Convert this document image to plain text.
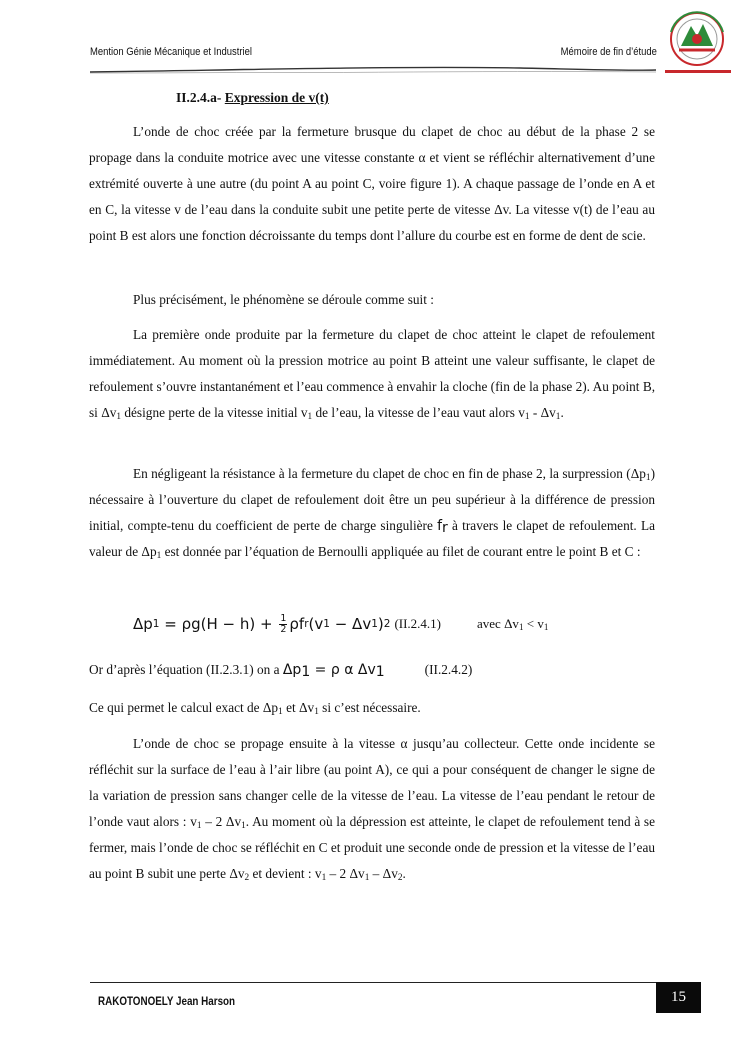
Mention Génie Mécanique et Industriel	Mémoire de fin d’étude
II.2.4.a- Expression de v(t)

L’onde de choc créée par la fermeture brusque du clapet de choc au début de la phase 2 se propage dans la conduite motrice avec une vitesse constante α et vient se réfléchir alternativement d’une extrémité ouverte à une autre (du point A au point C, voire figure 1). A chaque passage de l’onde en A et en C, la vitesse v de l’eau dans la conduite subit une petite perte de vitesse Δv. La vitesse v(t) de l’eau au point B est alors une fonction décroissante du temps dont l’allure du courbe est en forme de dent de scie.

Plus précisément, le phénomène se déroule comme suit :

La première onde produite par la fermeture du clapet de choc atteint le clapet de refoulement immédiatement. Au moment où la pression motrice au point B atteint une valeur suffisante, le clapet de refoulement s’ouvre instantanément et l’eau commence à envahir la cloche (fin de la phase 2). Au point B, si $\Delta v_1$ désigne perte de la vitesse initial $v_1$ de l’eau, la vitesse de l’eau vaut alors $v_1 - \Delta v_1$.

En négligeant la résistance à la fermeture du clapet de choc en fin de phase 2, la surpression $(\Delta p_1)$ nécessaire à l’ouverture du clapet de refoulement doit être un peu supérieur à la différence de pression initial, compte-tenu du coefficient de perte de charge singulière $f_r$ à travers le clapet de refoulement. La valeur de $\Delta p_1$ est donnée par l’équation de Bernoulli appliquée au filet de courant entre le point B et C :

Δp $1 = \rho g(H - h) + \frac{1}{2}$ ρf r (v 1 − Δv 1 ) 2 (II.2.4.1)	avec $\Delta v_1 < v_1$

Or d’après l’équation (II.2.3.1) on a $\Delta p_1 = \rho$ α $\Delta v_1$	(II.2.4.2)

Ce qui permet le calcul exact de $\Delta p_1$ et $\Delta v_1$ si c’est nécessaire.

L’onde de choc se propage ensuite à la vitesse α jusqu’au collecteur. Cette onde incidente se réfléchit sur la surface de l’eau à l’air libre (au point A), ce qui a pour conséquent de changer le signe de la variation de pression sans changer celle de la vitesse de l’eau. La vitesse de l’eau pendant le retour de l’onde vaut alors : $v_1 - 2$ $\Delta v_1$. Au moment où la dépression est atteinte, le clapet de refoulement tend à se fermer, mais l’onde de choc se réfléchit en C et produit une seconde onde de pression et la vitesse de l’eau au point B subit une perte $\Delta v_2$ et devient : $v_1 - 2$ $\Delta v_1 - \Delta v_2$.

RAKOTONOELY Jean Harson	15
